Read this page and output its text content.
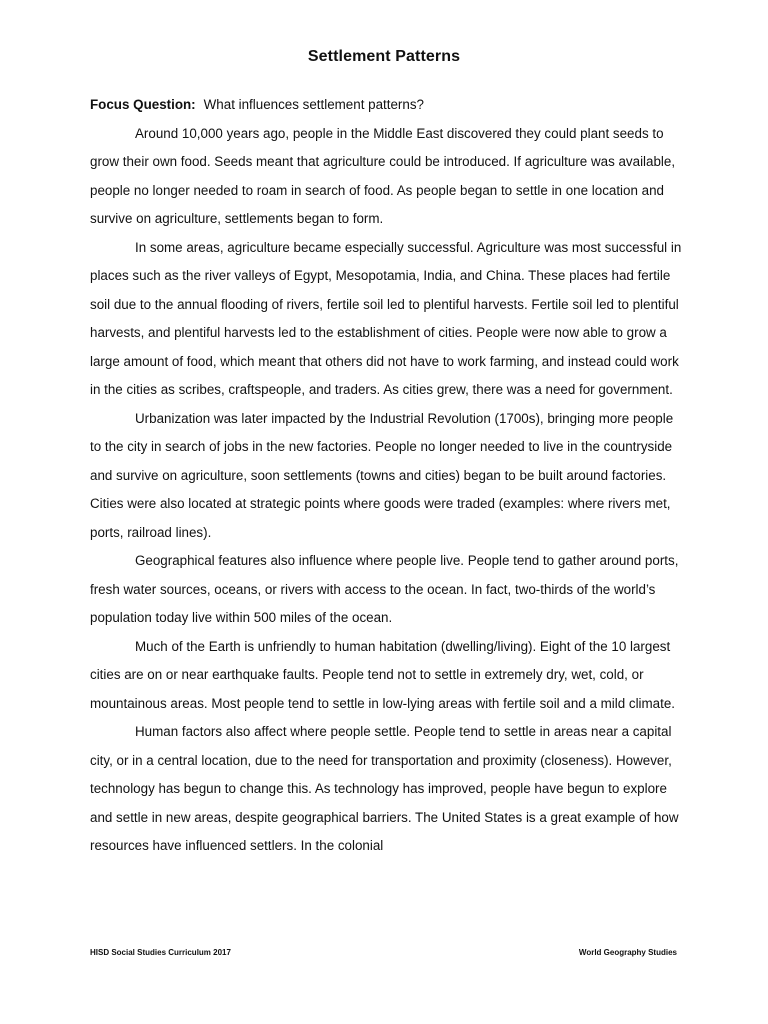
Settlement Patterns

Focus Question: What influences settlement patterns?

Around 10,000 years ago, people in the Middle East discovered they could plant seeds to grow their own food. Seeds meant that agriculture could be introduced. If agriculture was available, people no longer needed to roam in search of food. As people began to settle in one location and survive on agriculture, settlements began to form.

In some areas, agriculture became especially successful. Agriculture was most successful in places such as the river valleys of Egypt, Mesopotamia, India, and China. These places had fertile soil due to the annual flooding of rivers, fertile soil led to plentiful harvests. Fertile soil led to plentiful harvests, and plentiful harvests led to the establishment of cities. People were now able to grow a large amount of food, which meant that others did not have to work farming, and instead could work in the cities as scribes, craftspeople, and traders. As cities grew, there was a need for government.

Urbanization was later impacted by the Industrial Revolution (1700s), bringing more people to the city in search of jobs in the new factories. People no longer needed to live in the countryside and survive on agriculture, soon settlements (towns and cities) began to be built around factories. Cities were also located at strategic points where goods were traded (examples: where rivers met, ports, railroad lines).

Geographical features also influence where people live. People tend to gather around ports, fresh water sources, oceans, or rivers with access to the ocean. In fact, two-thirds of the world’s population today live within 500 miles of the ocean.

Much of the Earth is unfriendly to human habitation (dwelling/living). Eight of the 10 largest cities are on or near earthquake faults. People tend not to settle in extremely dry, wet, cold, or mountainous areas. Most people tend to settle in low-lying areas with fertile soil and a mild climate.

Human factors also affect where people settle. People tend to settle in areas near a capital city, or in a central location, due to the need for transportation and proximity (closeness). However, technology has begun to change this. As technology has improved, people have begun to explore and settle in new areas, despite geographical barriers. The United States is a great example of how resources have influenced settlers. In the colonial

HISD Social Studies Curriculum 2017	World Geography Studies
